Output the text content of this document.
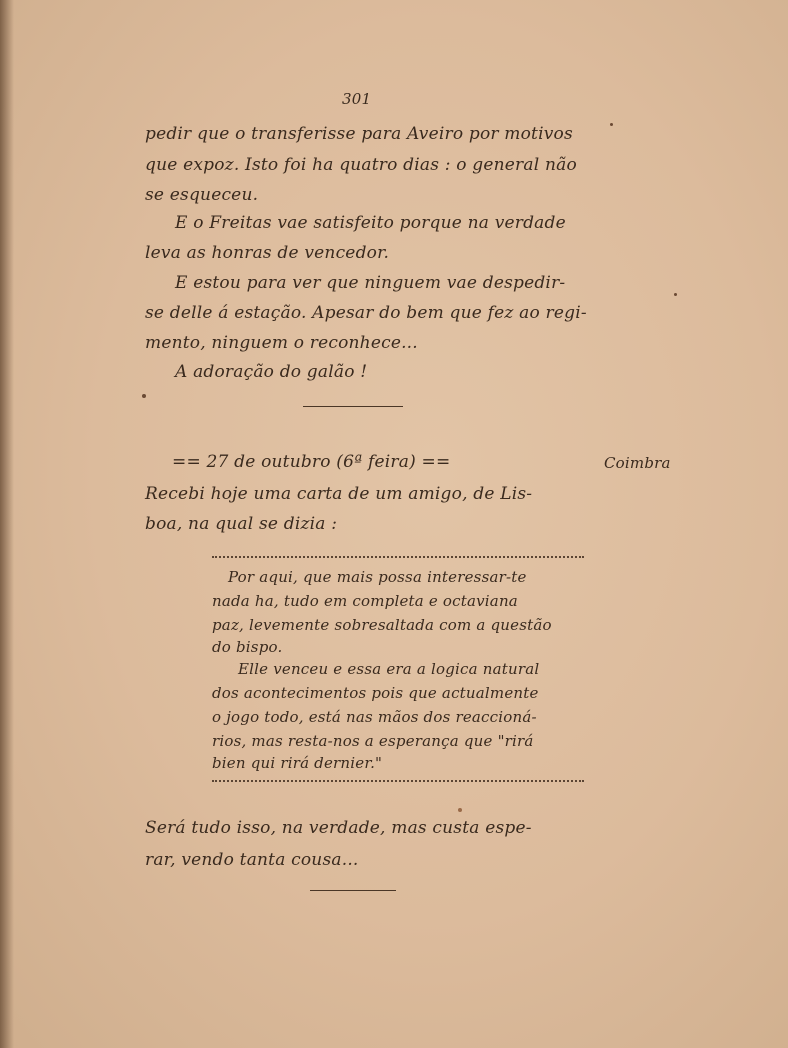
301
pedir que o transferisse para Aveiro por motivos
que expoz. Isto foi ha quatro dias : o general não
se esqueceu.
E o Freitas vae satisfeito porque na verdade
leva as honras de vencedor.
E estou para ver que ninguem vae despedir-
se delle á estação. Apesar do bem que fez ao regi-
mento, ninguem o reconhece...
A adoração do galão !
== 27 de outubro (6ª feira) ==	Coimbra
Recebi hoje uma carta de um amigo, de Lis-
boa, na qual se dizia :
Por aqui, que mais possa interessar-te
nada ha, tudo em completa e octaviana
paz, levemente sobresaltada com a questão
do bispo.
Elle venceu e essa era a logica natural
dos acontecimentos pois que actualmente
o jogo todo, está nas mãos dos reaccioná-
rios, mas resta-nos a esperança que "rirá
bien qui rirá dernier."
Será tudo isso, na verdade, mas custa espe-
rar, vendo tanta cousa...
